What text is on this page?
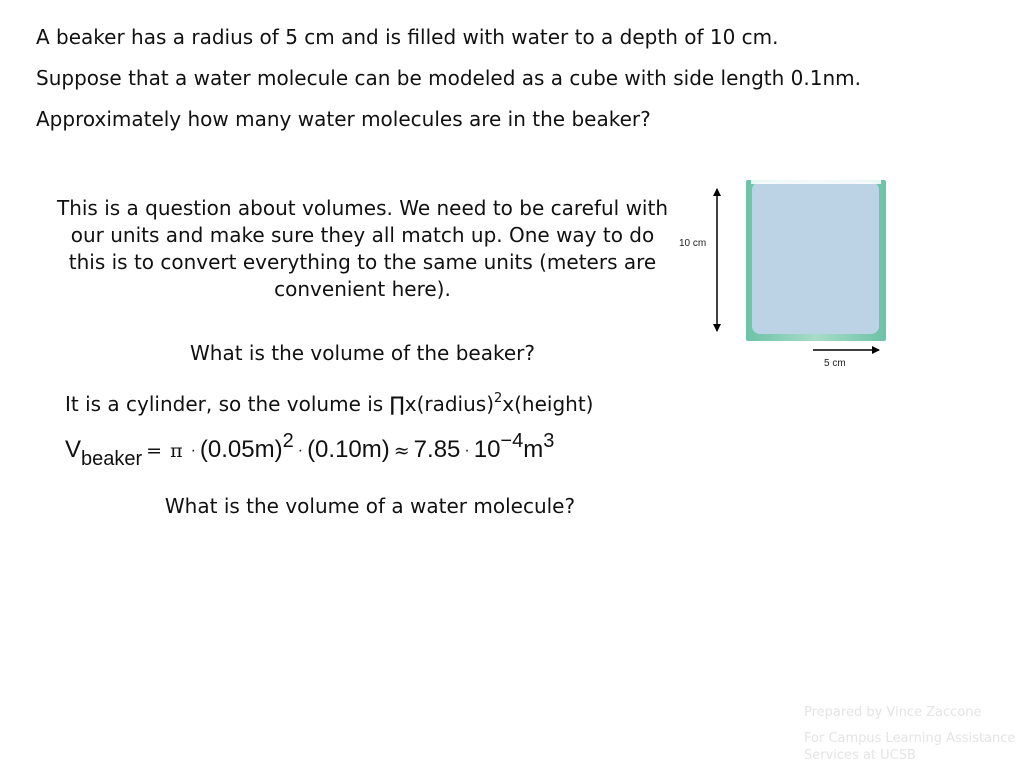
A beaker has a radius of 5 cm and is filled with water to a depth of 10 cm.
Suppose that a water molecule can be modeled as a cube with side length 0.1nm.
Approximately how many water molecules are in the beaker?
This is a question about volumes. We need to be careful with our units and make sure they all match up. One way to do this is to convert everything to the same units (meters are convenient here).
What is the volume of the beaker?
It is a cylinder, so the volume is ∏x(radius)$^2$x(height)
$V_{beaker} = \pi \cdot (0.05m)^2 \cdot (0.10m) \approx 7.85 \cdot 10^{-4}m^3$
What is the volume of a water molecule?
10 cm
5 cm
Prepared by Vince Zaccone
For Campus Learning Assistance Services at UCSB
